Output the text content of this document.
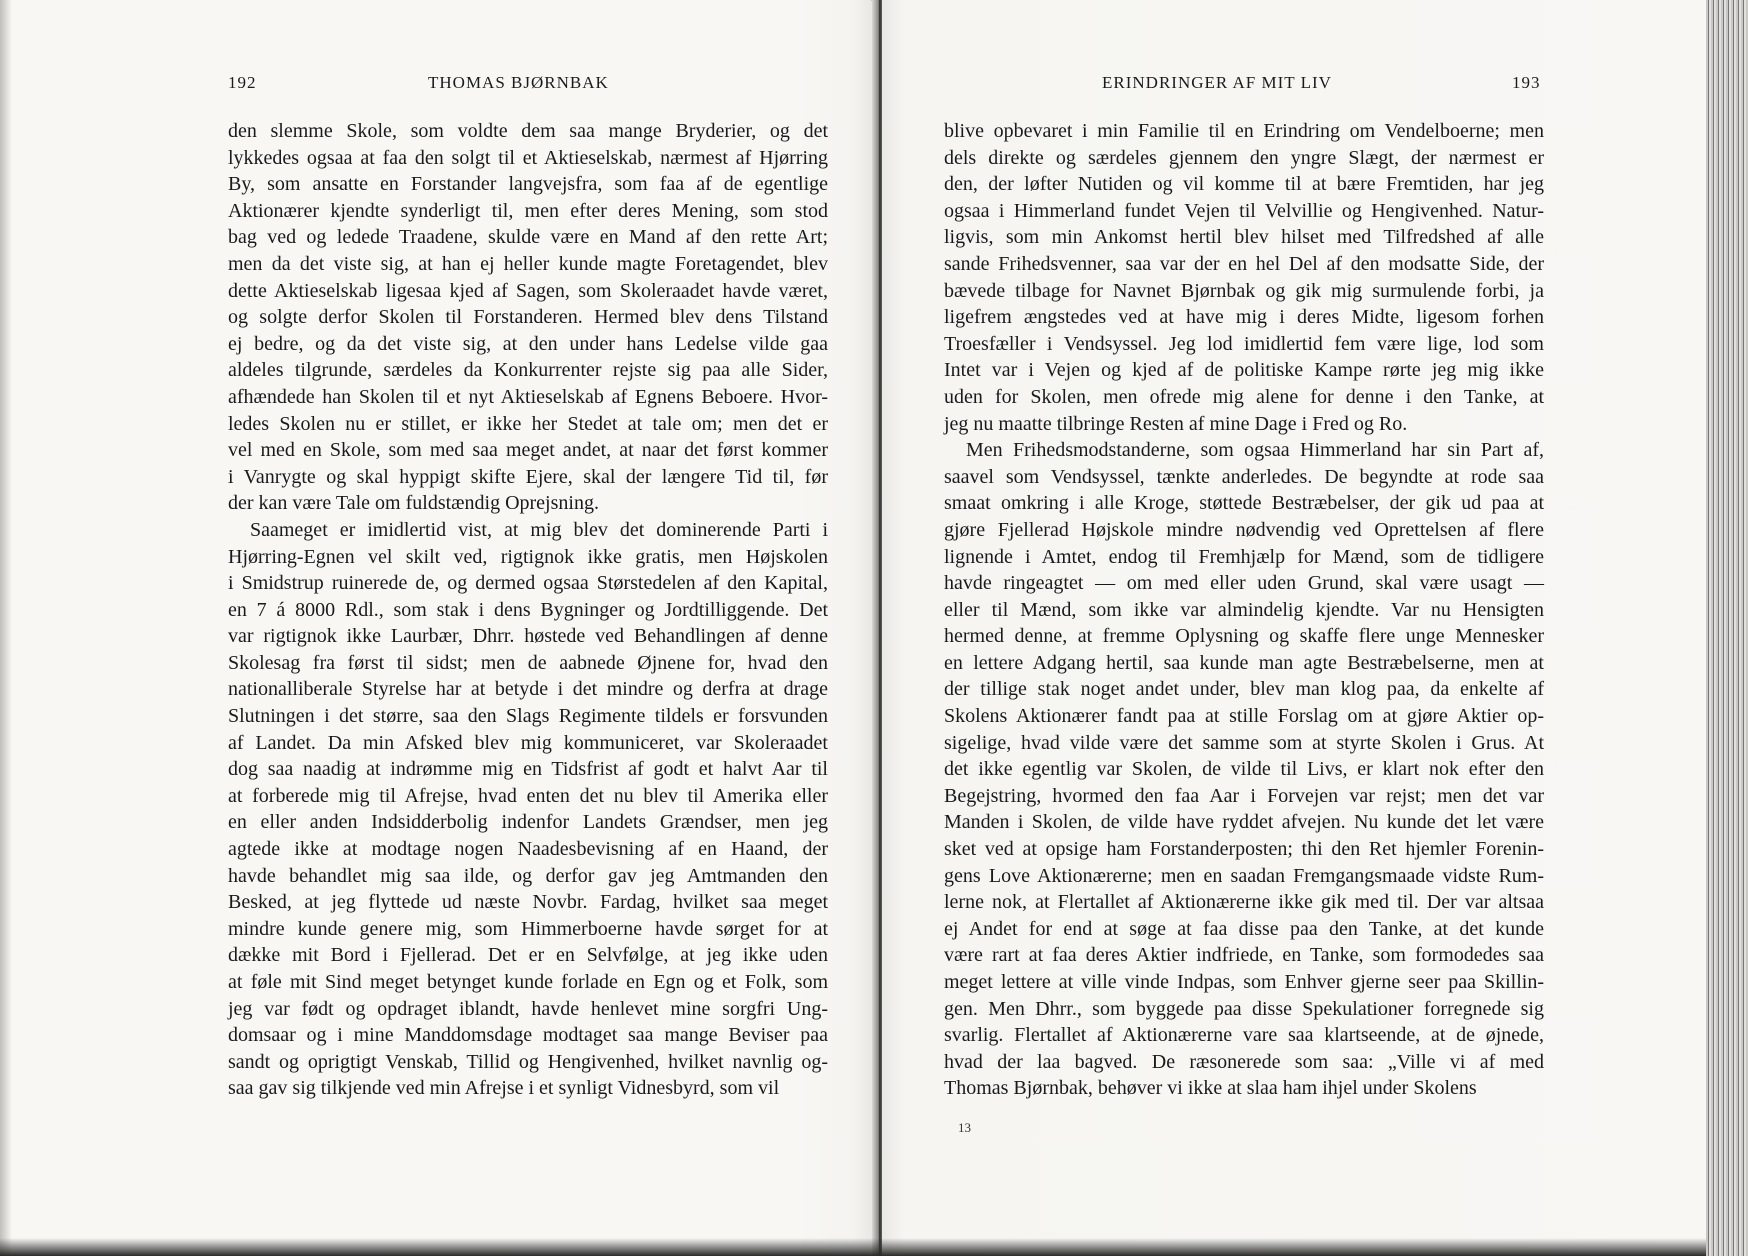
192	THOMAS BJØRNBAK
den slemme Skole, som voldte dem saa mange Bryderier, og det
lykkedes ogsaa at faa den solgt til et Aktieselskab, nærmest af Hjørring
By, som ansatte en Forstander langvejsfra, som faa af de egentlige
Aktionærer kjendte synderligt til, men efter deres Mening, som stod
bag ved og ledede Traadene, skulde være en Mand af den rette Art;
men da det viste sig, at han ej heller kunde magte Foretagendet, blev
dette Aktieselskab ligesaa kjed af Sagen, som Skoleraadet havde været,
og solgte derfor Skolen til Forstanderen. Hermed blev dens Tilstand
ej bedre, og da det viste sig, at den under hans Ledelse vilde gaa
aldeles tilgrunde, særdeles da Konkurrenter rejste sig paa alle Sider,
afhændede han Skolen til et nyt Aktieselskab af Egnens Beboere. Hvor-
ledes Skolen nu er stillet, er ikke her Stedet at tale om; men det er
vel med en Skole, som med saa meget andet, at naar det først kommer
i Vanrygte og skal hyppigt skifte Ejere, skal der længere Tid til, før
der kan være Tale om fuldstændig Oprejsning.
Saameget er imidlertid vist, at mig blev det dominerende Parti i
Hjørring-Egnen vel skilt ved, rigtignok ikke gratis, men Højskolen
i Smidstrup ruinerede de, og dermed ogsaa Størstedelen af den Kapital,
en 7 á 8000 Rdl., som stak i dens Bygninger og Jordtilliggende. Det
var rigtignok ikke Laurbær, Dhrr. høstede ved Behandlingen af denne
Skolesag fra først til sidst; men de aabnede Øjnene for, hvad den
nationalliberale Styrelse har at betyde i det mindre og derfra at drage
Slutningen i det større, saa den Slags Regimente tildels er forsvunden
af Landet. Da min Afsked blev mig kommuniceret, var Skoleraadet
dog saa naadig at indrømme mig en Tidsfrist af godt et halvt Aar til
at forberede mig til Afrejse, hvad enten det nu blev til Amerika eller
en eller anden Indsidderbolig indenfor Landets Grændser, men jeg
agtede ikke at modtage nogen Naadesbevisning af en Haand, der
havde behandlet mig saa ilde, og derfor gav jeg Amtmanden den
Besked, at jeg flyttede ud næste Novbr. Fardag, hvilket saa meget
mindre kunde genere mig, som Himmerboerne havde sørget for at
dække mit Bord i Fjellerad. Det er en Selvfølge, at jeg ikke uden
at føle mit Sind meget betynget kunde forlade en Egn og et Folk, som
jeg var født og opdraget iblandt, havde henlevet mine sorgfri Ung-
domsaar og i mine Manddomsdage modtaget saa mange Beviser paa
sandt og oprigtigt Venskab, Tillid og Hengivenhed, hvilket navnlig og-
saa gav sig tilkjende ved min Afrejse i et synligt Vidnesbyrd, som vil
ERINDRINGER AF MIT LIV	193
blive opbevaret i min Familie til en Erindring om Vendelboerne; men
dels direkte og særdeles gjennem den yngre Slægt, der nærmest er
den, der løfter Nutiden og vil komme til at bære Fremtiden, har jeg
ogsaa i Himmerland fundet Vejen til Velvillie og Hengivenhed. Natur-
ligvis, som min Ankomst hertil blev hilset med Tilfredshed af alle
sande Frihedsvenner, saa var der en hel Del af den modsatte Side, der
bævede tilbage for Navnet Bjørnbak og gik mig surmulende forbi, ja
ligefrem ængstedes ved at have mig i deres Midte, ligesom forhen
Troesfæller i Vendsyssel. Jeg lod imidlertid fem være lige, lod som
Intet var i Vejen og kjed af de politiske Kampe rørte jeg mig ikke
uden for Skolen, men ofrede mig alene for denne i den Tanke, at
jeg nu maatte tilbringe Resten af mine Dage i Fred og Ro.
Men Frihedsmodstanderne, som ogsaa Himmerland har sin Part af,
saavel som Vendsyssel, tænkte anderledes. De begyndte at rode saa
smaat omkring i alle Kroge, støttede Bestræbelser, der gik ud paa at
gjøre Fjellerad Højskole mindre nødvendig ved Oprettelsen af flere
lignende i Amtet, endog til Fremhjælp for Mænd, som de tidligere
havde ringeagtet — om med eller uden Grund, skal være usagt —
eller til Mænd, som ikke var almindelig kjendte. Var nu Hensigten
hermed denne, at fremme Oplysning og skaffe flere unge Mennesker
en lettere Adgang hertil, saa kunde man agte Bestræbelserne, men at
der tillige stak noget andet under, blev man klog paa, da enkelte af
Skolens Aktionærer fandt paa at stille Forslag om at gjøre Aktier op-
sigelige, hvad vilde være det samme som at styrte Skolen i Grus. At
det ikke egentlig var Skolen, de vilde til Livs, er klart nok efter den
Begejstring, hvormed den faa Aar i Forvejen var rejst; men det var
Manden i Skolen, de vilde have ryddet afvejen. Nu kunde det let være
sket ved at opsige ham Forstanderposten; thi den Ret hjemler Forenin-
gens Love Aktionærerne; men en saadan Fremgangsmaade vidste Rum-
lerne nok, at Flertallet af Aktionærerne ikke gik med til. Der var altsaa
ej Andet for end at søge at faa disse paa den Tanke, at det kunde
være rart at faa deres Aktier indfriede, en Tanke, som formodedes saa
meget lettere at ville vinde Indpas, som Enhver gjerne seer paa Skillin-
gen. Men Dhrr., som byggede paa disse Spekulationer forregnede sig
svarlig. Flertallet af Aktionærerne vare saa klartseende, at de øjnede,
hvad der laa bagved. De ræsonerede som saa: „Ville vi af med
Thomas Bjørnbak, behøver vi ikke at slaa ham ihjel under Skolens
13
